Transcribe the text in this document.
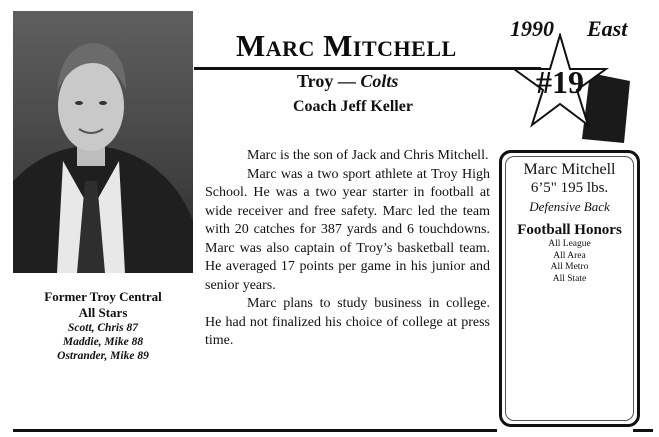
Marc Mitchell
Troy — Colts
Coach Jeff Keller
1990 East
#19

Marc is the son of Jack and Chris Mitchell.

Marc was a two sport athlete at Troy High School. He was a two year starter in football at wide receiver and free safety. Marc led the team with 20 catches for 387 yards and 6 touchdowns. Marc was also captain of Troy’s basketball team. He averaged 17 points per game in his junior and senior years.

Marc plans to study business in college. He had not finalized his choice of college at press time.

Marc Mitchell
6’5" 195 lbs.
Defensive Back
Football Honors
All League
All Area
All Metro
All State
Former Troy Central
All Stars
Scott, Chris 87
Maddie, Mike 88
Ostrander, Mike 89
